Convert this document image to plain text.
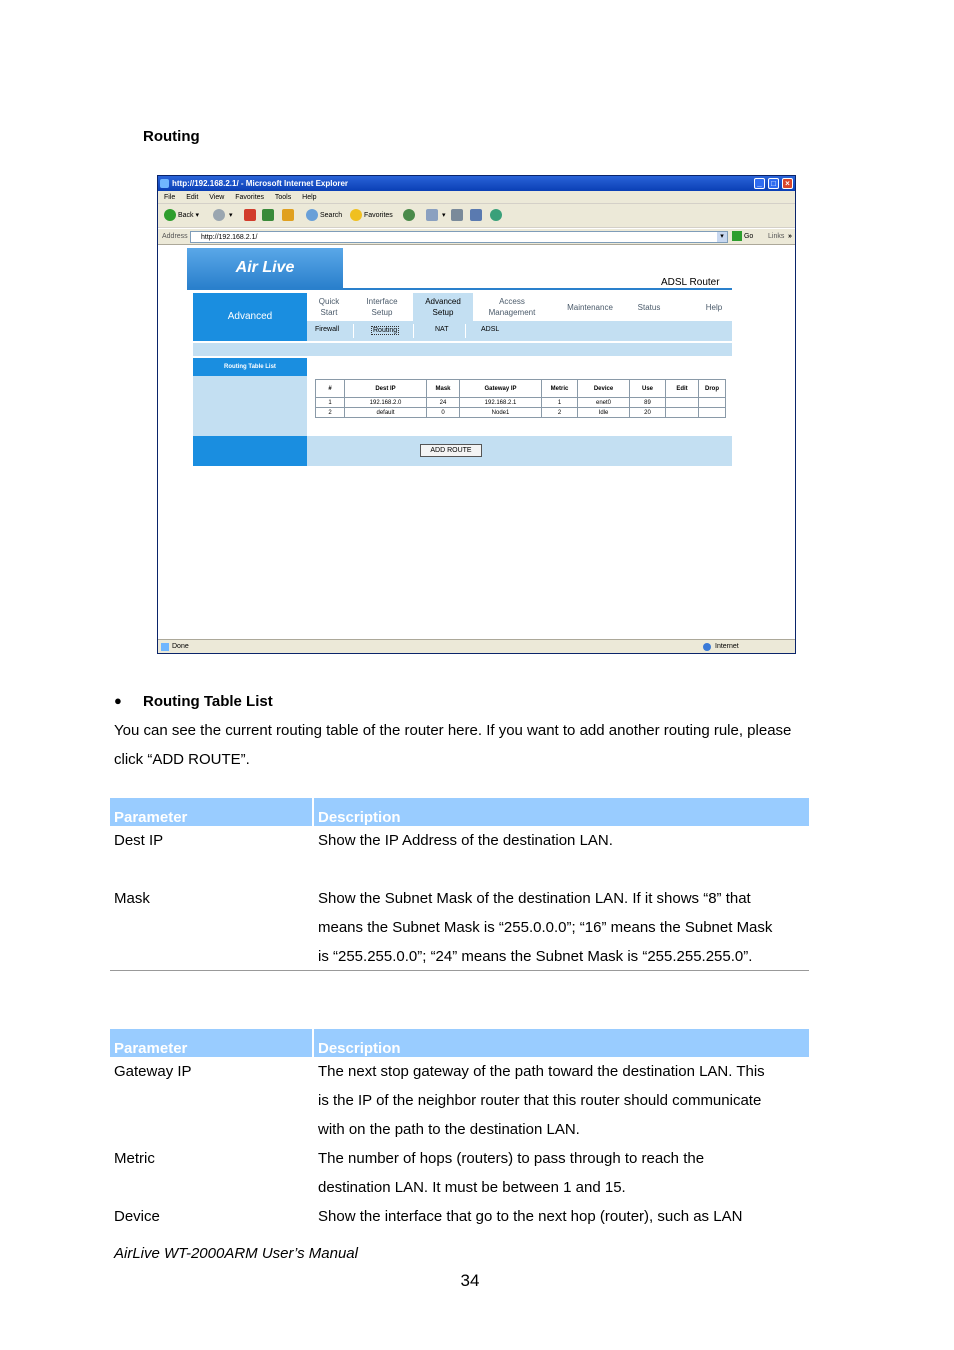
Routing
http://192.168.2.1/ - Microsoft Internet Explorer	_	□	×
File Edit View Favorites Tools Help
Back ▾	▾	Search	Favorites	▾
Address	http://192.168.2.1/	▾	Go Links »
Air Live
ADSL Router
Advanced
Quick
Start
Interface
Setup
Advanced
Setup
Access
Management
Maintenance	Status	Help
Firewall	Routing	NAT	ADSL
Routing Table List
#	Dest IP	Mask	Gateway IP	Metric	Device	Use	Edit	Drop
1	192.168.2.0	24	192.168.2.1	1	enet0	89		
2	default	0	Node1	2	Idle	20		
ADD ROUTE
Done	Internet
● Routing Table List
You can see the current routing table of the router here. If you want to add another routing rule, please
click “ADD ROUTE”.
Parameter	Description
Dest IP	Show the IP Address of the destination LAN.
Mask	Show the Subnet Mask of the destination LAN. If it shows “8” that
means the Subnet Mask is “255.0.0.0”; “16” means the Subnet Mask
is “255.255.0.0”; “24” means the Subnet Mask is “255.255.255.0”.
Parameter	Description
Gateway IP	The next stop gateway of the path toward the destination LAN. This
is the IP of the neighbor router that this router should communicate
with on the path to the destination LAN.
Metric	The number of hops (routers) to pass through to reach the
destination LAN. It must be between 1 and 15.
Device	Show the interface that go to the next hop (router), such as LAN
AirLive WT-2000ARM User’s Manual
34
